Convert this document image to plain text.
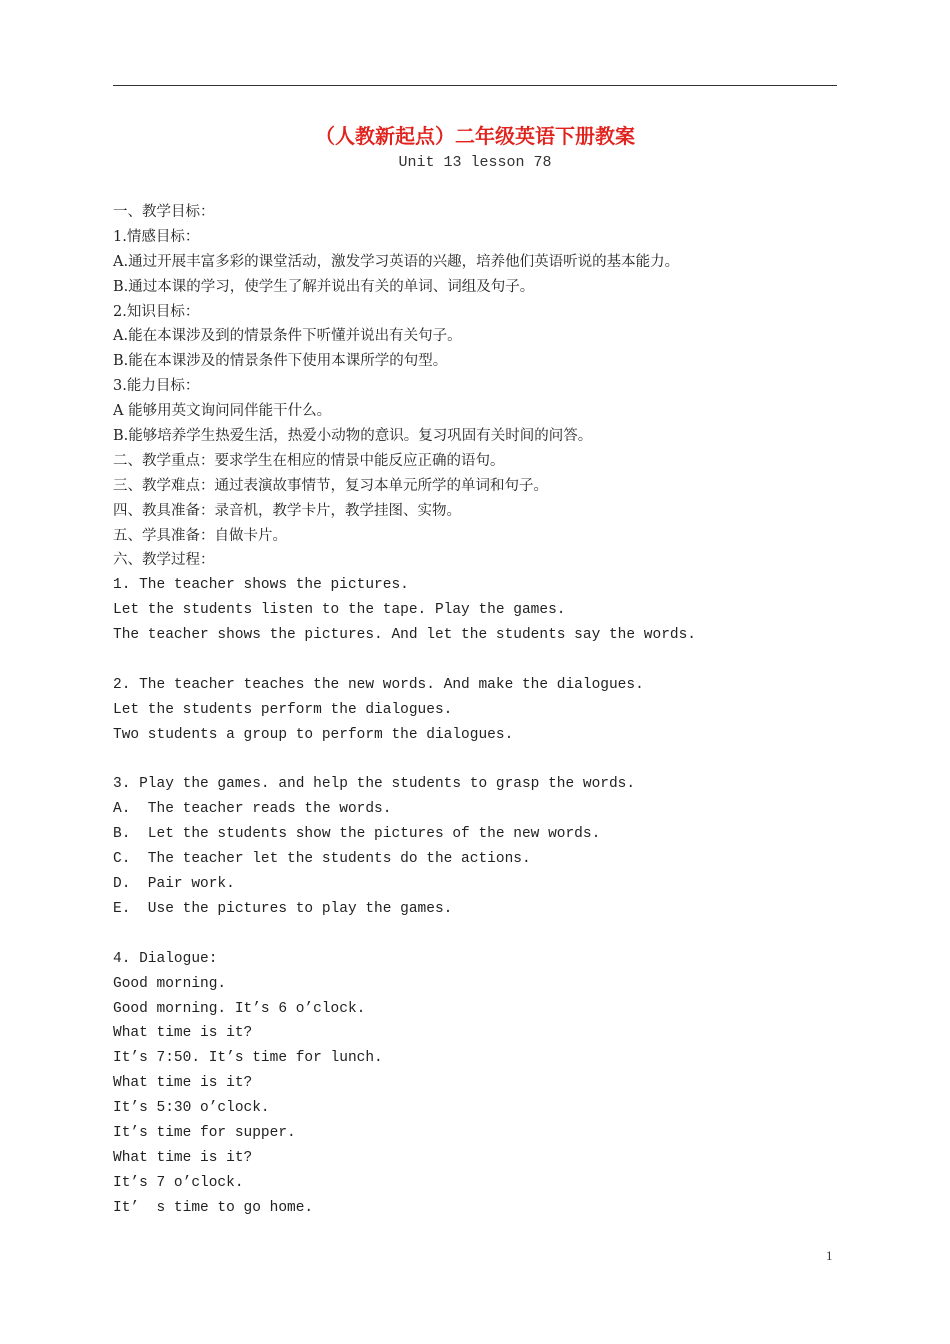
（人教新起点）二年级英语下册教案
Unit 13 lesson 78
一、教学目标：
1.情感目标：
A.通过开展丰富多彩的课堂活动，激发学习英语的兴趣，培养他们英语听说的基本能力。
B.通过本课的学习，使学生了解并说出有关的单词、词组及句子。
2.知识目标：
A.能在本课涉及到的情景条件下听懂并说出有关句子。
B.能在本课涉及的情景条件下使用本课所学的句型。
3.能力目标：
A 能够用英文询问同伴能干什么。
B.能够培养学生热爱生活，热爱小动物的意识。复习巩固有关时间的问答。
二、教学重点：要求学生在相应的情景中能反应正确的语句。
三、教学难点：通过表演故事情节，复习本单元所学的单词和句子。
四、教具准备：录音机，教学卡片，教学挂图、实物。
五、学具准备：自做卡片。
六、教学过程：
1. The teacher shows the pictures.
Let the students listen to the tape. Play the games.
The teacher shows the pictures. And let the students say the words.
2. The teacher teaches the new words. And make the dialogues.
Let the students perform the dialogues.
Two students a group to perform the dialogues.
3. Play the games. and help the students to grasp the words.
A.  The teacher reads the words.
B.  Let the students show the pictures of the new words.
C.  The teacher let the students do the actions.
D.  Pair work.
E.  Use the pictures to play the games.
4. Dialogue:
Good morning.
Good morning. It’s 6 o’clock.
What time is it?
It’s 7:50. It’s time for lunch.
What time is it?
It’s 5:30 o’clock.
It’s time for supper.
What time is it?
It’s 7 o’clock.
It’  s time to go home.
1
